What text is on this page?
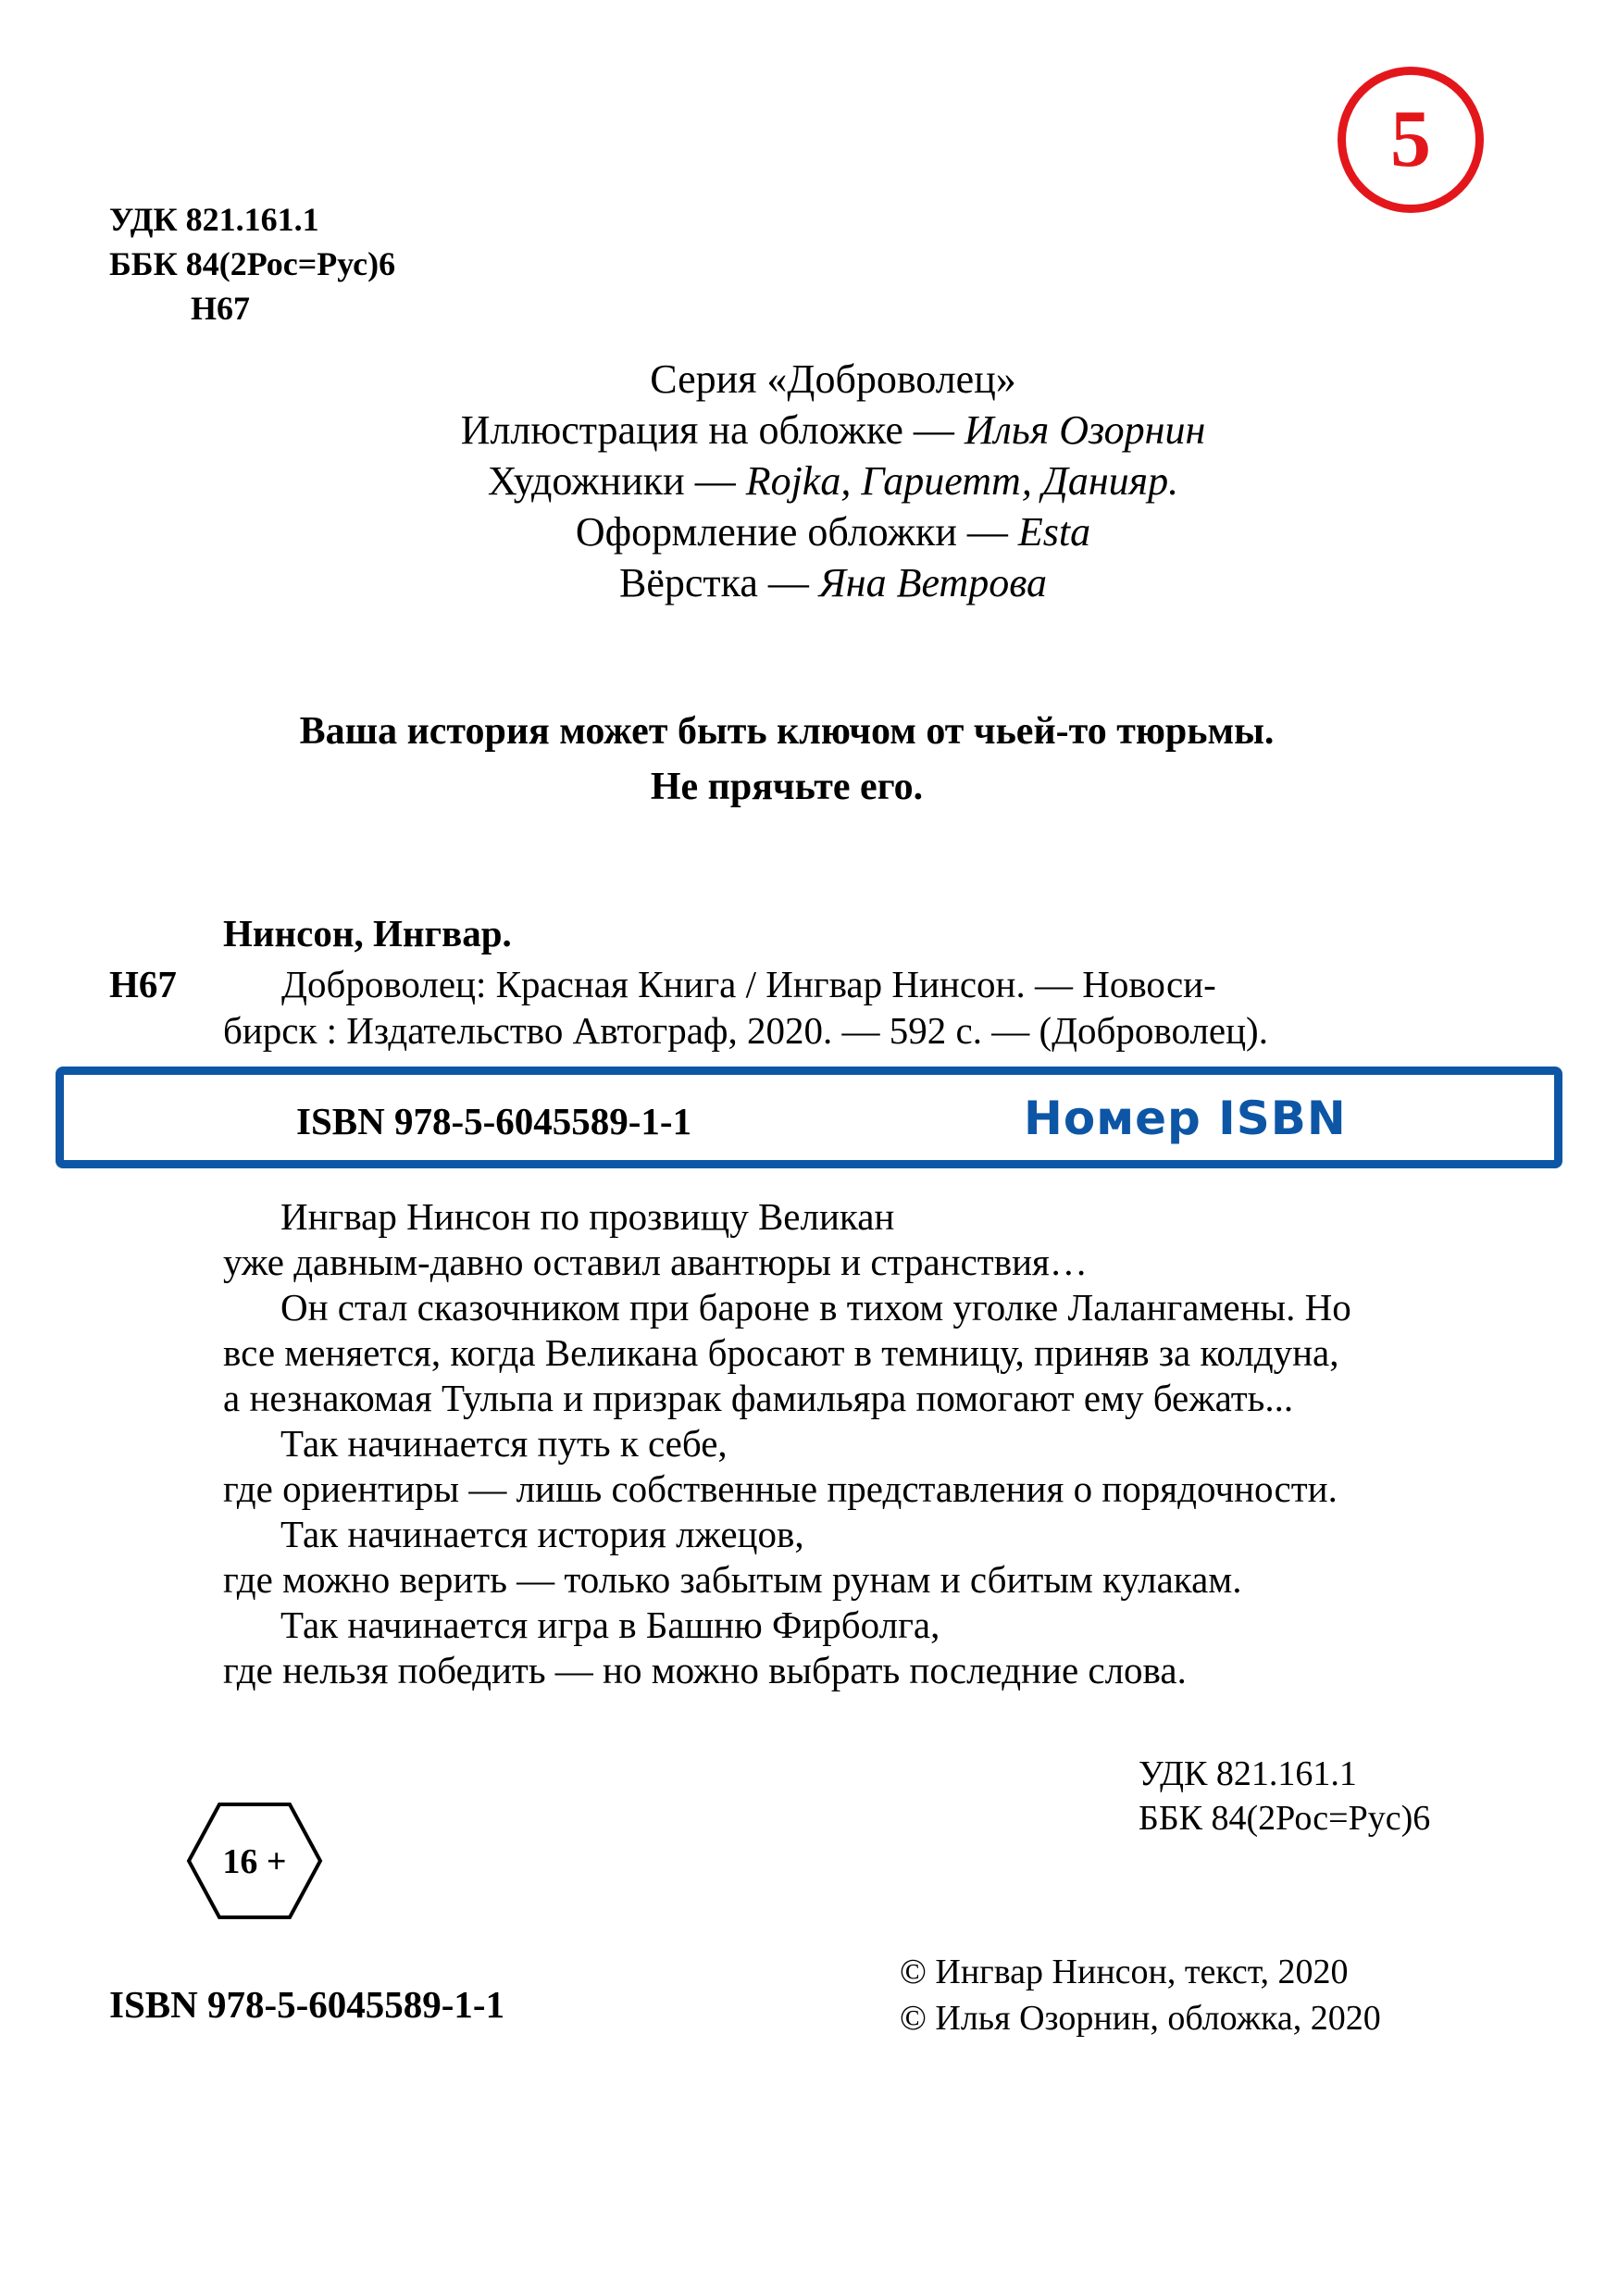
5
УДК 821.161.1
ББК 84(2Рос=Рус)6
Н67
Серия «Доброволец»
Иллюстрация на обложке — Илья Озорнин
Художники — Rojka, Гариетт, Данияр.
Оформление обложки — Esta
Вёрстка — Яна Ветрова
Ваша история может быть ключом от чьей-то тюрьмы.
Не прячьте его.
Нинсон, Ингвар.
Н67	Доброволец: Красная Книга / Ингвар Нинсон. — Новоси-
бирск : Издательство Автограф, 2020. — 592 с. — (Доброволец).
ISBN 978-5-6045589-1-1	Номер ISBN
Ингвар Нинсон по прозвищу Великан
уже давным-давно оставил авантюры и странствия…
Он стал сказочником при бароне в тихом уголке Лалангамены. Но
все меняется, когда Великана бросают в темницу, приняв за колдуна,
а незнакомая Тульпа и призрак фамильяра помогают ему бежать...
Так начинается путь к себе,
где ориентиры — лишь собственные представления о порядочности.
Так начинается история лжецов,
где можно верить — только забытым рунам и сбитым кулакам.
Так начинается игра в Башню Фирболга,
где нельзя победить — но можно выбрать последние слова.
УДК 821.161.1
ББК 84(2Рос=Рус)6
16 +
ISBN 978-5-6045589-1-1
© Ингвар Нинсон, текст, 2020
© Илья Озорнин, обложка, 2020
